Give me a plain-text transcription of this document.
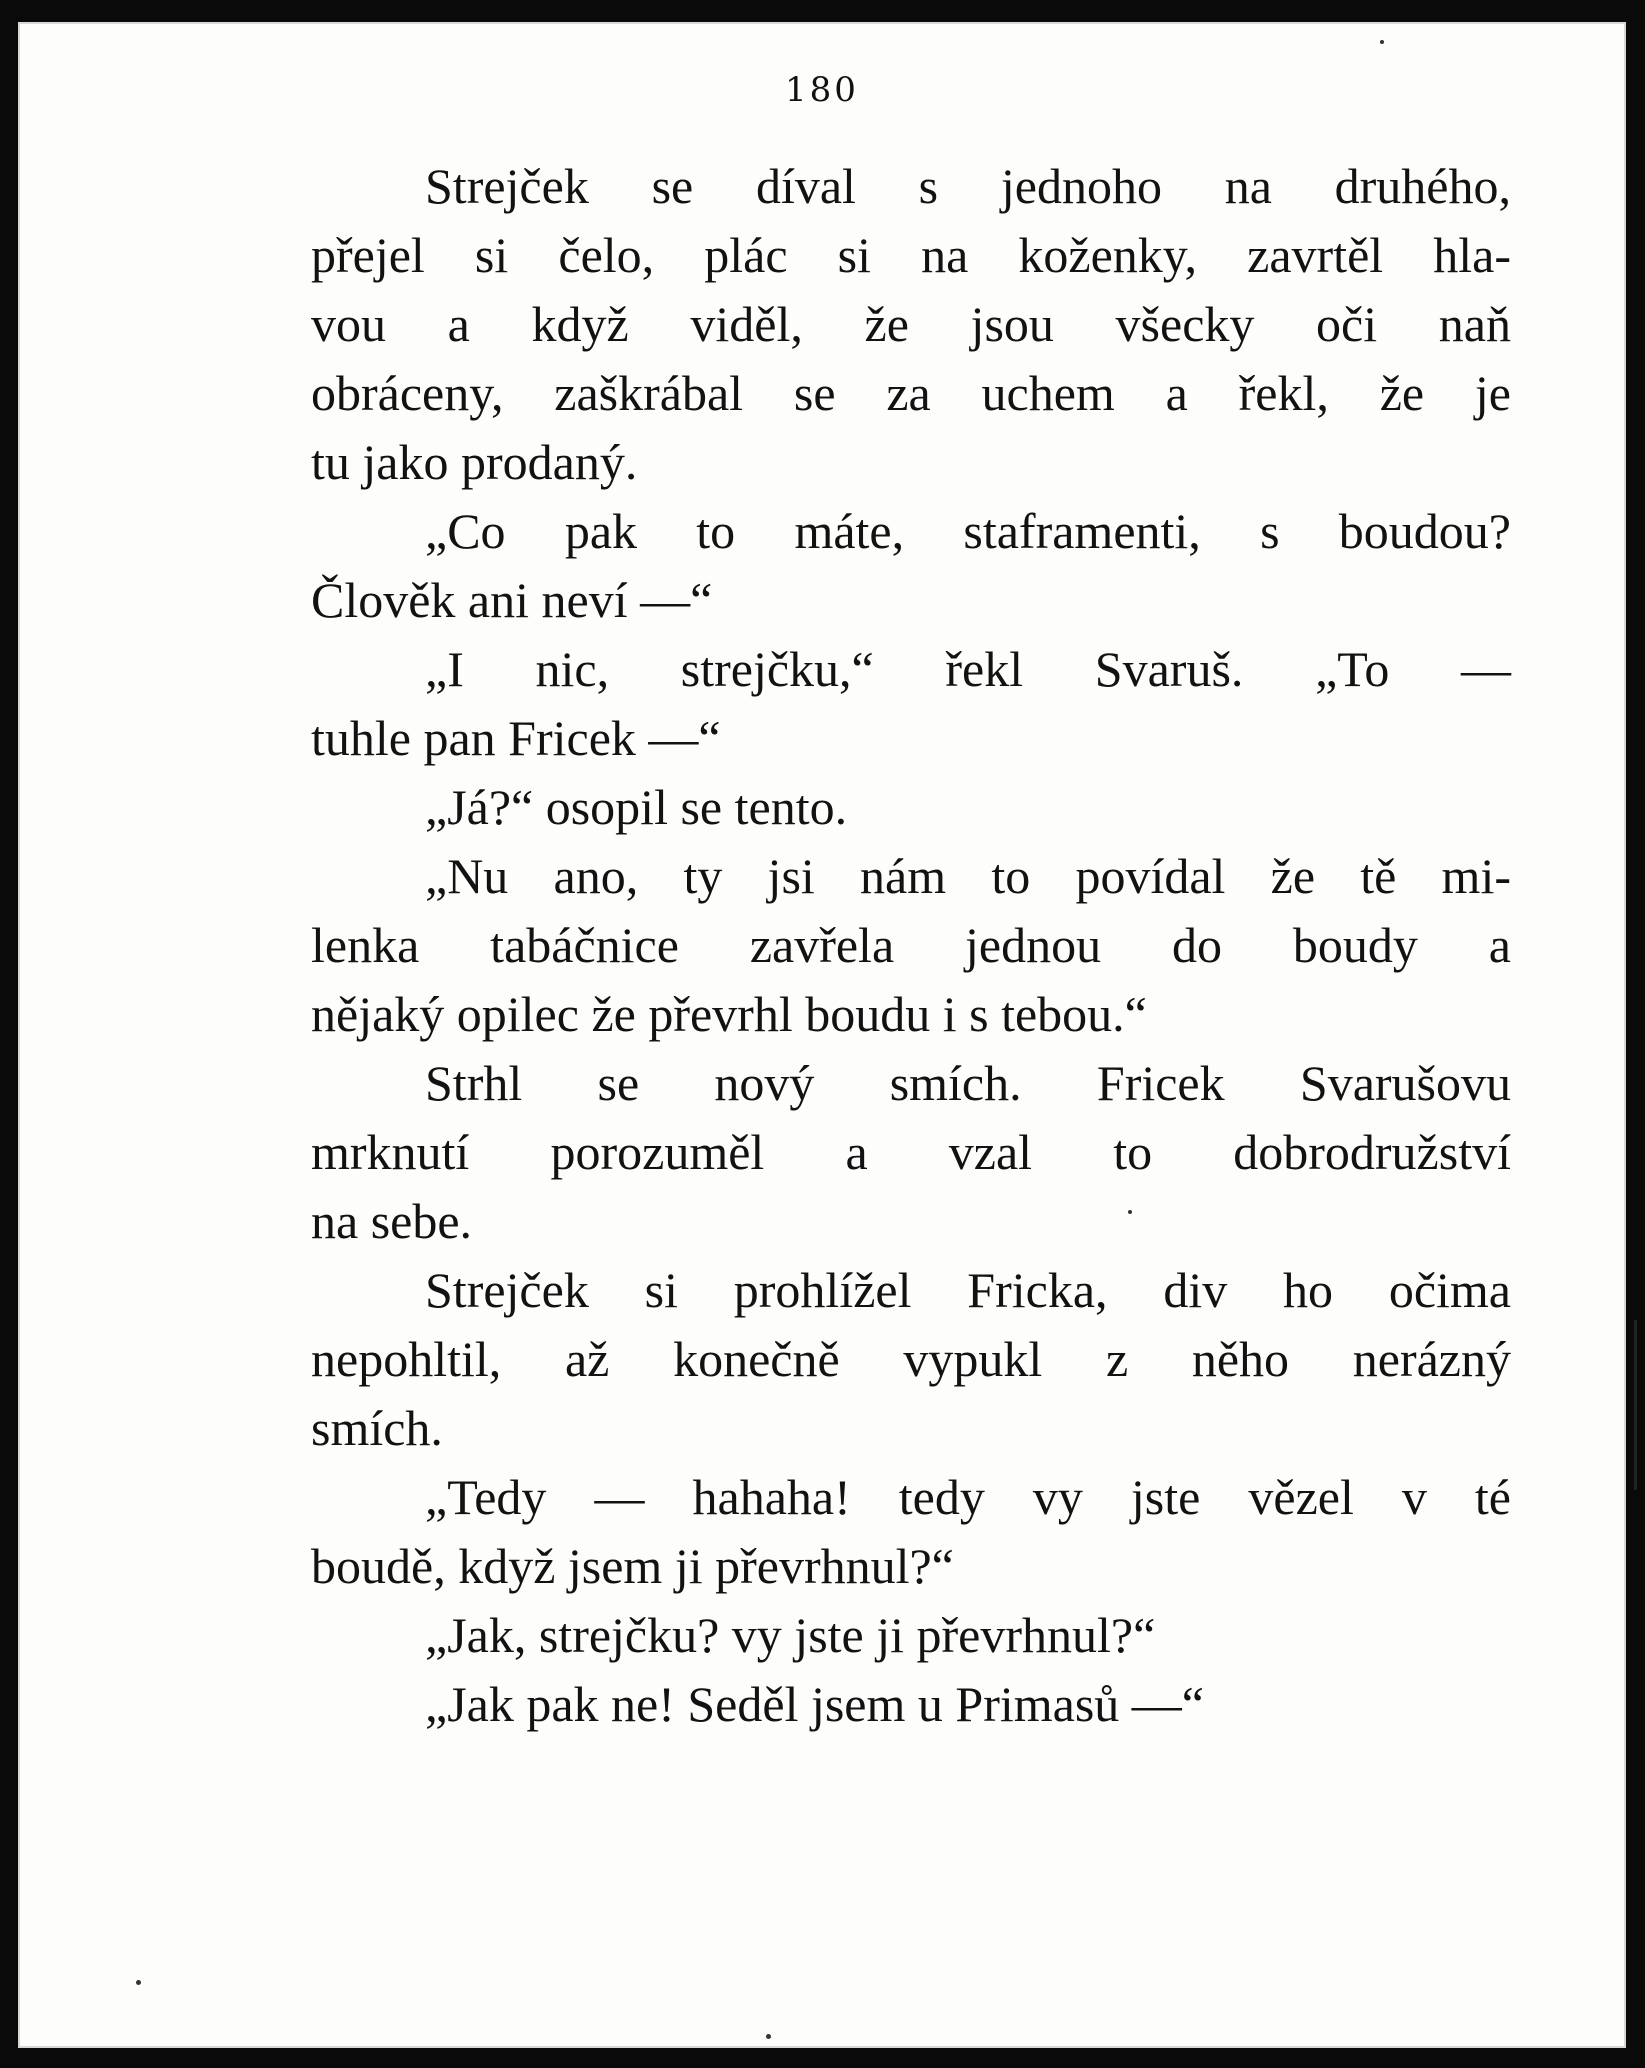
180
Strejček se díval s jednoho na druhého,
přejel si čelo, plác si na koženky, zavrtěl hla-
vou a když viděl, že jsou všecky oči naň
obráceny, zaškrábal se za uchem a řekl, že je
tu jako prodaný.
„Co pak to máte, staframenti, s boudou?
Člověk ani neví —“
„I nic, strejčku,“ řekl Svaruš. „To —
tuhle pan Fricek —“
„Já?“ osopil se tento.
„Nu ano, ty jsi nám to povídal že tě mi-
lenka tabáčnice zavřela jednou do boudy a
nějaký opilec že převrhl boudu i s tebou.“
Strhl se nový smích. Fricek Svarušovu
mrknutí porozuměl a vzal to dobrodružství
na sebe.
Strejček si prohlížel Fricka, div ho očima
nepohltil, až konečně vypukl z něho nerázný
smích.
„Tedy — hahaha! tedy vy jste vězel v té
boudě, když jsem ji převrhnul?“
„Jak, strejčku? vy jste ji převrhnul?“
„Jak pak ne! Seděl jsem u Primasů —“
